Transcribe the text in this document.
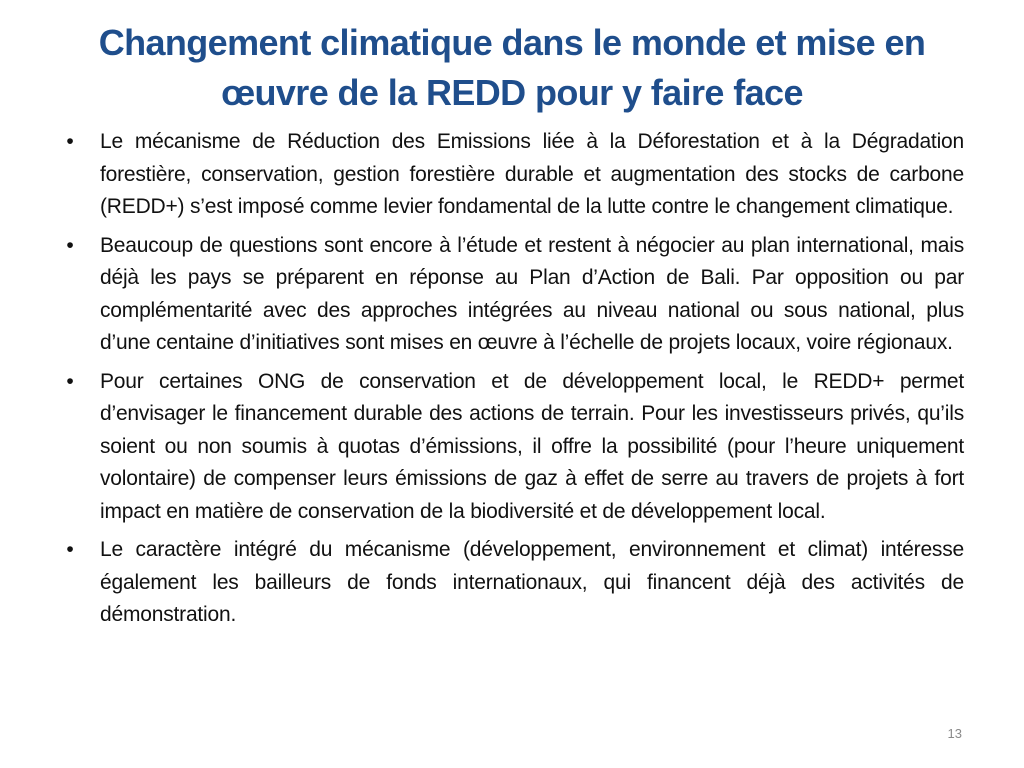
Changement climatique dans le monde et mise en œuvre de la REDD pour y faire face
•	Le mécanisme de Réduction des Emissions liée à la Déforestation et à la Dégradation forestière, conservation, gestion forestière durable et augmentation des stocks de carbone (REDD+) s’est imposé comme levier fondamental de la lutte contre le changement climatique.
•	Beaucoup de questions sont encore à l’étude et restent à négocier au plan international, mais déjà les pays se préparent en réponse au Plan d’Action de Bali. Par opposition ou par complémentarité avec des approches intégrées au niveau national ou sous national, plus d’une centaine d’initiatives sont mises en œuvre à l’échelle de projets locaux, voire régionaux.
•	Pour certaines ONG de conservation et de développement local, le REDD+ permet d’envisager le financement durable des actions de terrain. Pour les investisseurs privés, qu’ils soient ou non soumis à quotas d’émissions, il offre la possibilité (pour l’heure uniquement volontaire) de compenser leurs émissions de gaz à effet de serre au travers de projets à fort impact en matière de conservation de la biodiversité et de développement local.
•	Le caractère intégré du mécanisme (développement, environnement et climat) intéresse également les bailleurs de fonds internationaux, qui financent déjà des activités de démonstration.
13
